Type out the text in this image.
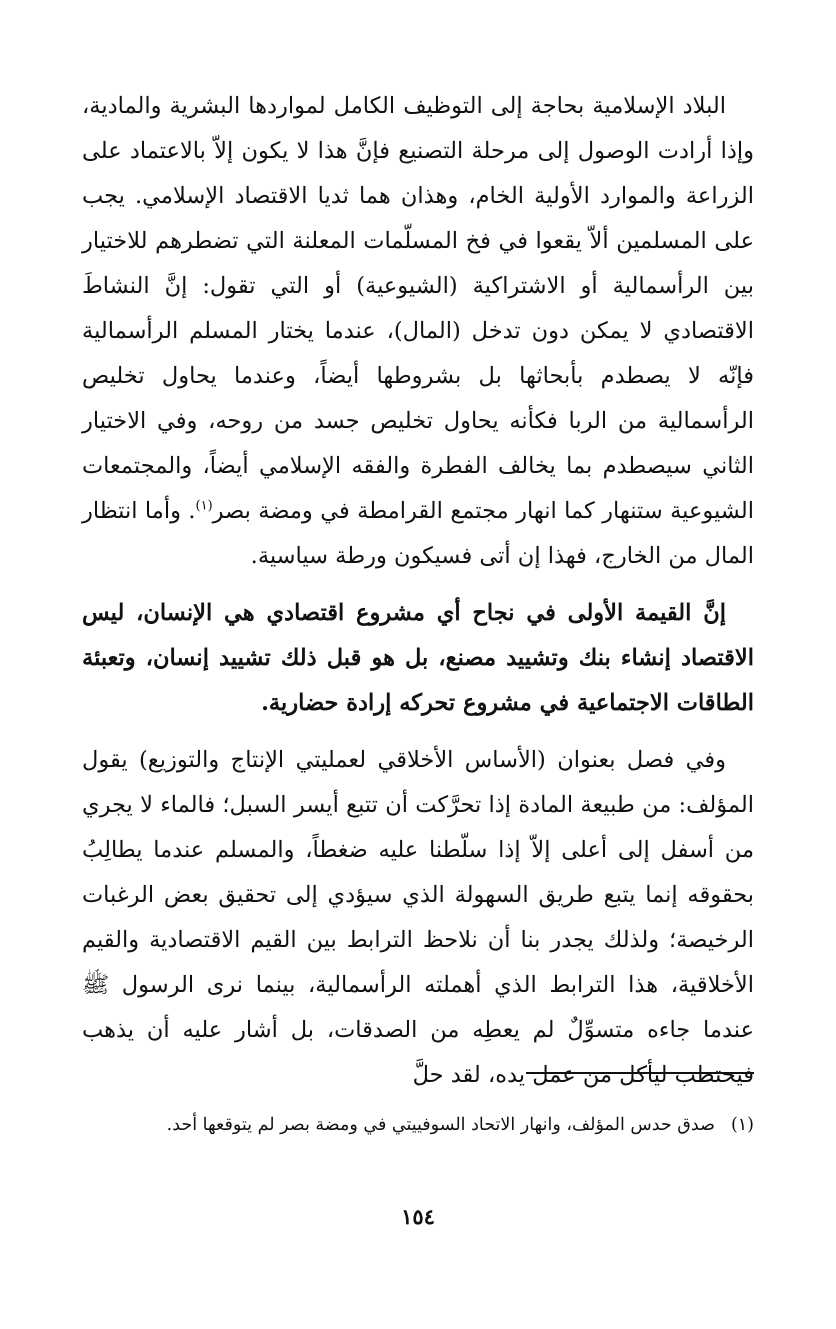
البلاد الإسلامية بحاجة إلى التوظيف الكامل لمواردها البشرية والمادية، وإذا أرادت الوصول إلى مرحلة التصنيع فإنَّ هذا لا يكون إلاّ بالاعتماد على الزراعة والموارد الأولية الخام، وهذان هما ثديا الاقتصاد الإسلامي. يجب على المسلمين ألاّ يقعوا في فخ المسلّمات المعلنة التي تضطرهم للاختيار بين الرأسمالية أو الاشتراكية (الشيوعية) أو التي تقول: إنَّ النشاطَ الاقتصادي لا يمكن دون تدخل (المال)، عندما يختار المسلم الرأسمالية فإنّه لا يصطدم بأبحاثها بل بشروطها أيضاً، وعندما يحاول تخليص الرأسمالية من الربا فكأنه يحاول تخليص جسد من روحه، وفي الاختيار الثاني سيصطدم بما يخالف الفطرة والفقه الإسلامي أيضاً، والمجتمعات الشيوعية ستنهار كما انهار مجتمع القرامطة في ومضة بصر$^{(١)}$. وأما انتظار المال من الخارج، فهذا إن أتى فسيكون ورطة سياسية.

إنَّ القيمة الأولى في نجاح أي مشروع اقتصادي هي الإنسان، ليس الاقتصاد إنشاء بنك وتشييد مصنع، بل هو قبل ذلك تشييد إنسان، وتعبئة الطاقات الاجتماعية في مشروع تحركه إرادة حضارية.

وفي فصل بعنوان (الأساس الأخلاقي لعمليتي الإنتاج والتوزيع) يقول المؤلف: من طبيعة المادة إذا تحرَّكت أن تتبع أيسر السبل؛ فالماء لا يجري من أسفل إلى أعلى إلاّ إذا سلّطنا عليه ضغطاً، والمسلم عندما يطالِبُ بحقوقه إنما يتبع طريق السهولة الذي سيؤدي إلى تحقيق بعض الرغبات الرخيصة؛ ولذلك يجدر بنا أن نلاحظ الترابط بين القيم الاقتصادية والقيم الأخلاقية، هذا الترابط الذي أهملته الرأسمالية، بينما نرى الرسول ﷺ عندما جاءه متسوِّلٌ لم يعطِه من الصدقات، بل أشار عليه أن يذهب فيحتطب ليأكل من عمل يده، لقد حلَّ

(١)
صدق حدس المؤلف، وانهار الاتحاد السوفييتي في ومضة بصر لم يتوقعها أحد.
١٥٤
